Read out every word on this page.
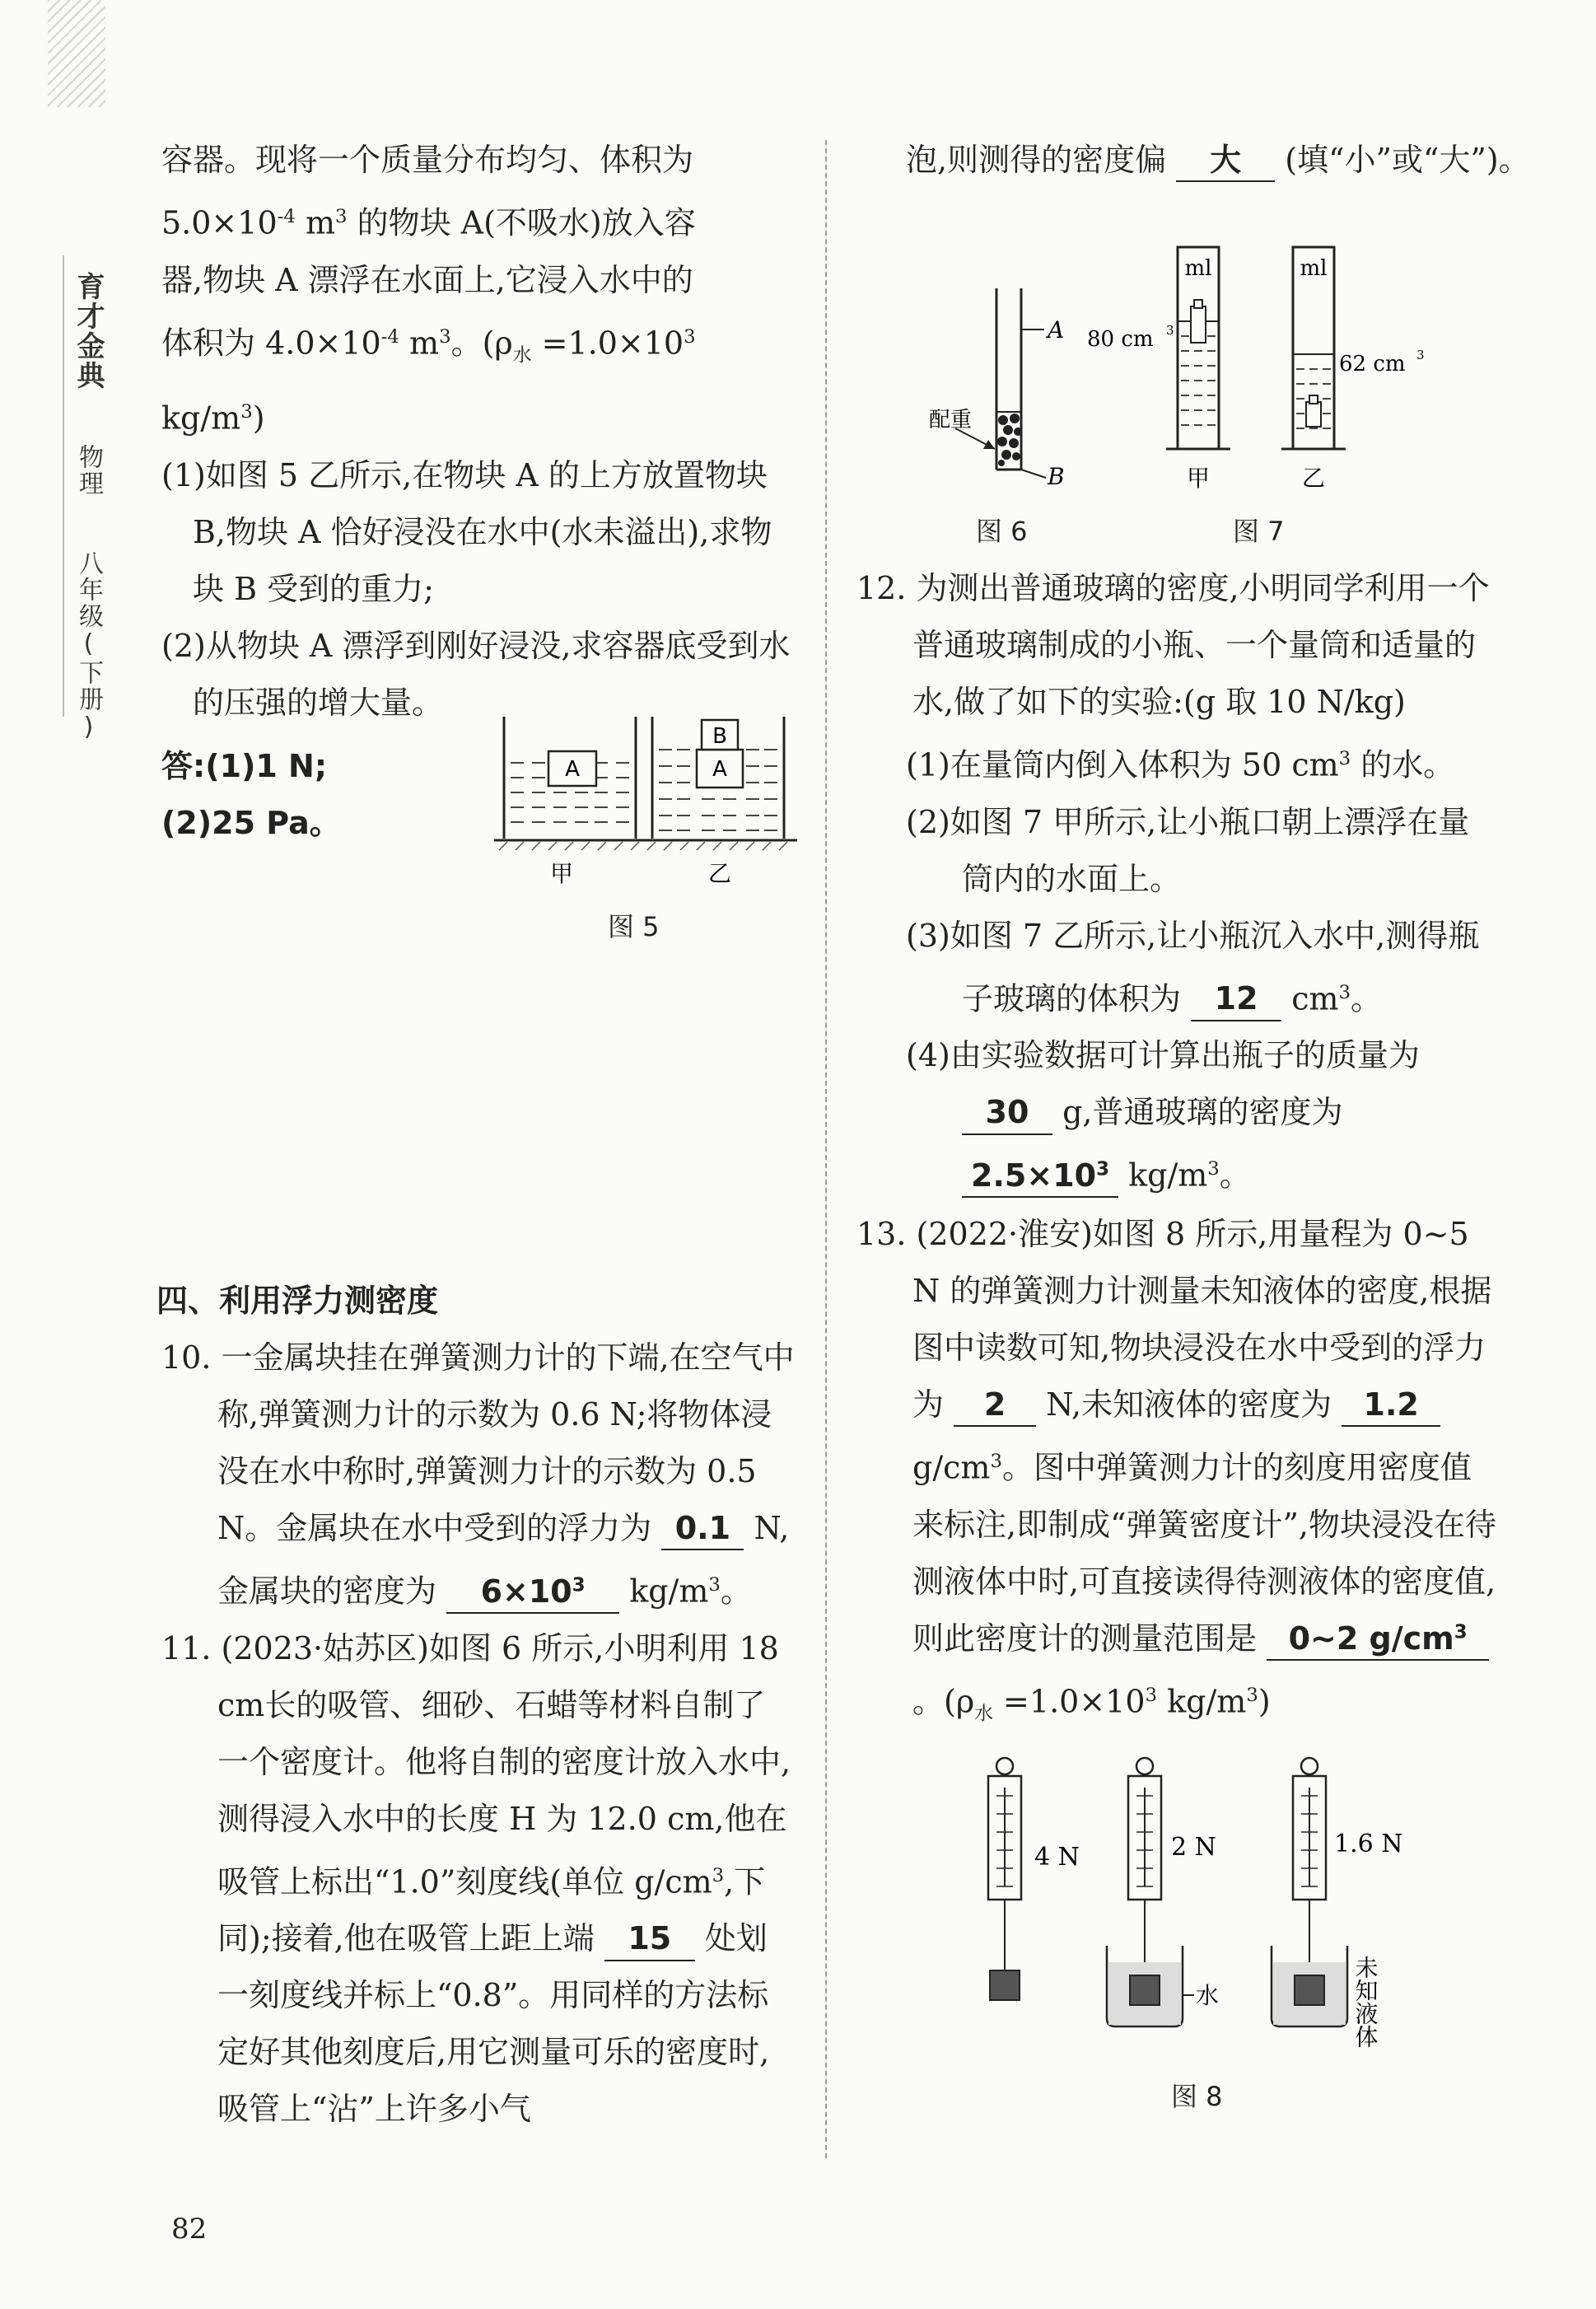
育才金典 物理 八年级(下册)

容器。现将一个质量分布均匀、体积为

$5.0\times 10^{-4}$ $m^3$ 的物块 A(不吸水)放入容

器,物块 A 漂浮在水面上,它浸入水中的

体积为 $4.0\times 10^{-4}$ $m^3$。($\rho_水 =1.0\times 10^3$

$kg/m^3$)

(1)如图 5 乙所示,在物块 A 的上方放置物块 B,物块 A 恰好浸没在水中(水未溢出),求物块 B 受到的重力;

(2)从物块 A 漂浮到刚好浸没,求容器底受到水的压强的增大量。

答:(1)1 N;

(2)25 Pa。

A	A
B
甲	乙
图 5

四、利用浮力测密度

10. 一金属块挂在弹簧测力计的下端,在空气中称,弹簧测力计的示数为 0.6 N;将物体浸没在水中称时,弹簧测力计的示数为 0.5 N。金属块在水中受到的浮力为 0.1 N,金属块的密度为 $6\times 10^3$ $kg/m^3$。

11. (2023·姑苏区)如图 6 所示,小明利用 18 cm长的吸管、细砂、石蜡等材料自制了一个密度计。他将自制的密度计放入水中,测得浸入水中的长度 H 为 12.0 cm,他在吸管上标出“1.0”刻度线(单位 $g/cm^3$,下同);接着,他在吸管上距上端 15 处划一刻度线并标上“0.8”。用同样的方法标定好其他刻度后,用它测量可乐的密度时,吸管上“沾”上许多小气

泡,则测得的密度偏 大 (填“小”或“大”)。

A
B
配重
图 6
ml
80 cm 3
甲
ml
62 cm 3
乙
图 7

12. 为测出普通玻璃的密度,小明同学利用一个普通玻璃制成的小瓶、一个量筒和适量的水,做了如下的实验:(g 取 10 N/kg)

(1)在量筒内倒入体积为 50 $cm^3$ 的水。

(2)如图 7 甲所示,让小瓶口朝上漂浮在量筒内的水面上。

(3)如图 7 乙所示,让小瓶沉入水中,测得瓶子玻璃的体积为 12 $cm^3$。

(4)由实验数据可计算出瓶子的质量为 30 g,普通玻璃的密度为 $2.5\times 10^3$ $kg/m^3$。

13. (2022·淮安)如图 8 所示,用量程为 0~5 N 的弹簧测力计测量未知液体的密度,根据图中读数可知,物块浸没在水中受到的浮力为 2 N,未知液体的密度为 1.2 $g/cm^3$。图中弹簧测力计的刻度用密度值来标注,即制成“弹簧密度计”,物块浸没在待测液体中时,可直接读得待测液体的密度值,则此密度计的测量范围是 0~2 $g/cm^3$ 。($\rho_水 =1.0\times 10^3$ $kg/m^3$)

4 N
水
2 N	1.6 N
未知液体
图 8
82
